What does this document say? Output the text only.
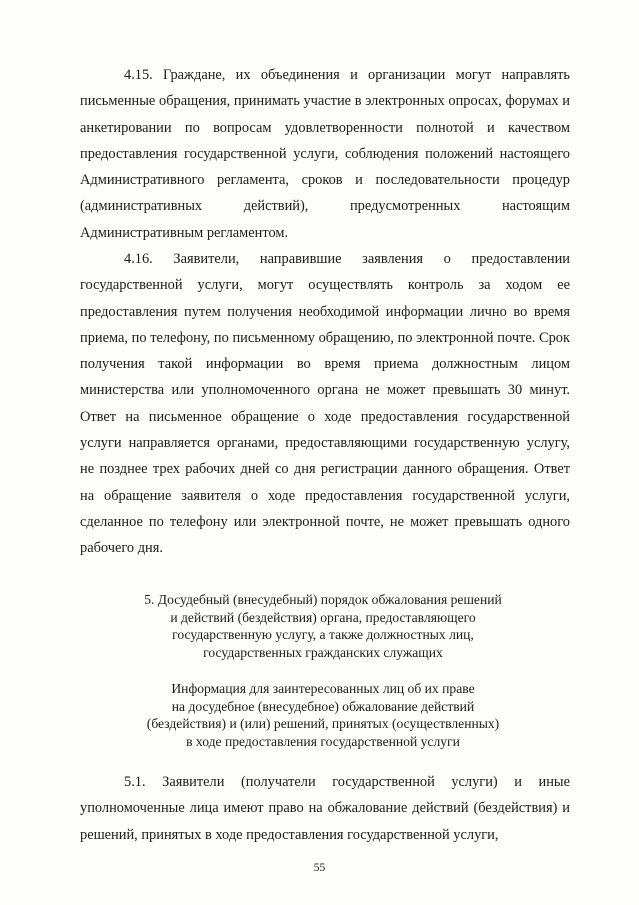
4.15. Граждане, их объединения и организации могут направлять письменные обращения, принимать участие в электронных опросах, форумах и анкетировании по вопросам удовлетворенности полнотой и качеством предоставления государственной услуги, соблюдения положений настоящего Административного регламента, сроков и последовательности процедур (административных действий), предусмотренных настоящим Административным регламентом.

4.16. Заявители, направившие заявления о предоставлении государственной услуги, могут осуществлять контроль за ходом ее предоставления путем получения необходимой информации лично во время приема, по телефону, по письменному обращению, по электронной почте. Срок получения такой информации во время приема должностным лицом министерства или уполномоченного органа не может превышать 30 минут. Ответ на письменное обращение о ходе предоставления государственной услуги направляется органами, предоставляющими государственную услугу, не позднее трех рабочих дней со дня регистрации данного обращения. Ответ на обращение заявителя о ходе предоставления государственной услуги, сделанное по телефону или электронной почте, не может превышать одного рабочего дня.

5. Досудебный (внесудебный) порядок обжалования решений
и действий (бездействия) органа, предоставляющего
государственную услугу, а также должностных лиц,
государственных гражданских служащих
Информация для заинтересованных лиц об их праве
на досудебное (внесудебное) обжалование действий
(бездействия) и (или) решений, принятых (осуществленных)
в ходе предоставления государственной услуги

5.1. Заявители (получатели государственной услуги) и иные уполномоченные лица имеют право на обжалование действий (бездействия) и решений, принятых в ходе предоставления государственной услуги,

55
